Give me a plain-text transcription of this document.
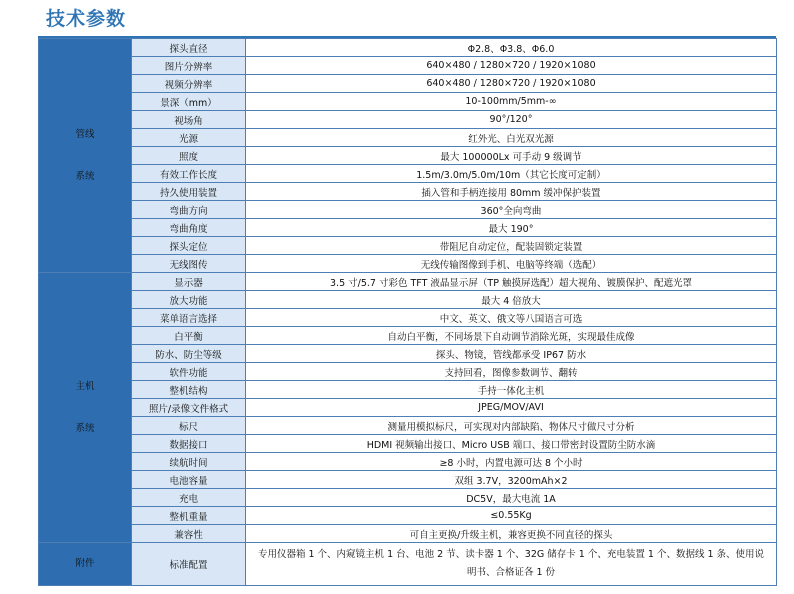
技术参数
管线
系统	探头直径	Φ2.8、Φ3.8、Φ6.0
	图片分辨率	640×480 / 1280×720 / 1920×1080
	视频分辨率	640×480 / 1280×720 / 1920×1080
	景深（mm）	10-100mm/5mm-∞
	视场角	90°/120°
	光源	红外光、白光双光源
	照度	最大 100000Lx 可手动 9 级调节
	有效工作长度	1.5m/3.0m/5.0m/10m（其它长度可定制）
	持久使用装置	插入管和手柄连接用 80mm 缓冲保护装置
	弯曲方向	360°全向弯曲
	弯曲角度	最大 190°
	探头定位	带阻尼自动定位，配装固锁定装置
	无线图传	无线传输图像到手机、电脑等终端（选配）

主机
系统	显示器	3.5 寸/5.7 寸彩色 TFT 液晶显示屏（TP 触摸屏选配）超大视角、镀膜保护、配遮光罩
	放大功能	最大 4 倍放大
	菜单语言选择	中文、英文、俄文等八国语言可选
	白平衡	自动白平衡，不同场景下自动调节消除光斑，实现最佳成像
	防水、防尘等级	探头、物镜，管线都承受 IP67 防水
	软件功能	支持回看，图像参数调节、翻转
	整机结构	手持一体化主机
	照片/录像文件格式	JPEG/MOV/AVI
	标尺	测量用模拟标尺，可实现对内部缺陷、物体尺寸做尺寸分析
	数据接口	HDMI 视频输出接口、Micro USB 端口、接口带密封设置防尘防水滴
	续航时间	≥8 小时，内置电源可达 8 个小时
	电池容量	双组 3.7V，3200mAh×2
	充电	DC5V，最大电流 1A
	整机重量	≤0.55Kg
	兼容性	可自主更换/升级主机，兼容更换不同直径的探头

附件	标准配置	专用仪器箱 1 个、内窥镜主机 1 台、电池 2 节、读卡器 1 个、32G 储存卡 1 个、充电装置 1 个、数据线 1 条、使用说明书、合格证各 1 份
